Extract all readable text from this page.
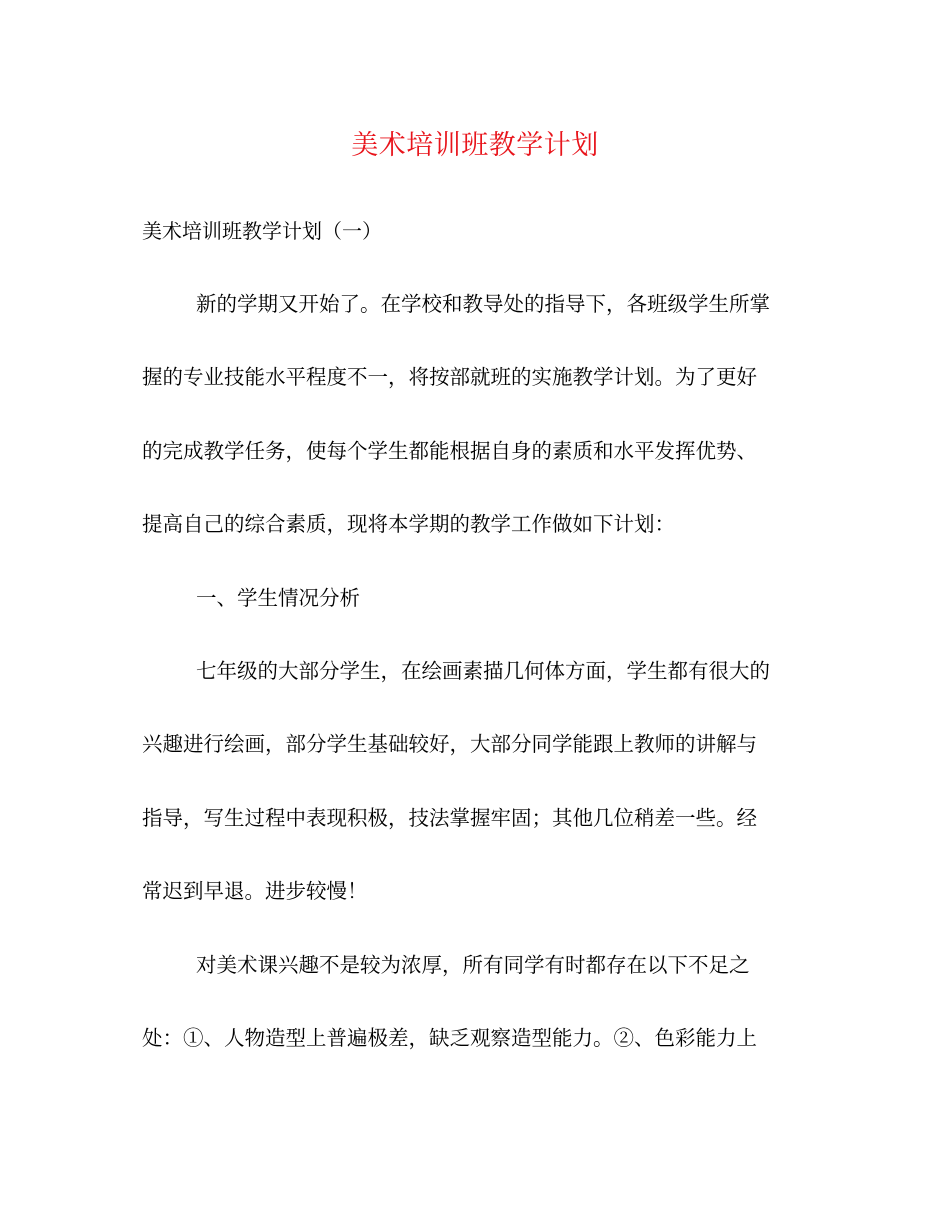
美术培训班教学计划
美术培训班教学计划（一）
新的学期又开始了。在学校和教导处的指导下，各班级学生所掌
握的专业技能水平程度不一，将按部就班的实施教学计划。为了更好
的完成教学任务，使每个学生都能根据自身的素质和水平发挥优势、
提高自己的综合素质，现将本学期的教学工作做如下计划：
一、学生情况分析
七年级的大部分学生，在绘画素描几何体方面，学生都有很大的
兴趣进行绘画，部分学生基础较好，大部分同学能跟上教师的讲解与
指导，写生过程中表现积极，技法掌握牢固；其他几位稍差一些。经
常迟到早退。进步较慢！
对美术课兴趣不是较为浓厚，所有同学有时都存在以下不足之
处：①、人物造型上普遍极差，缺乏观察造型能力。②、色彩能力上
